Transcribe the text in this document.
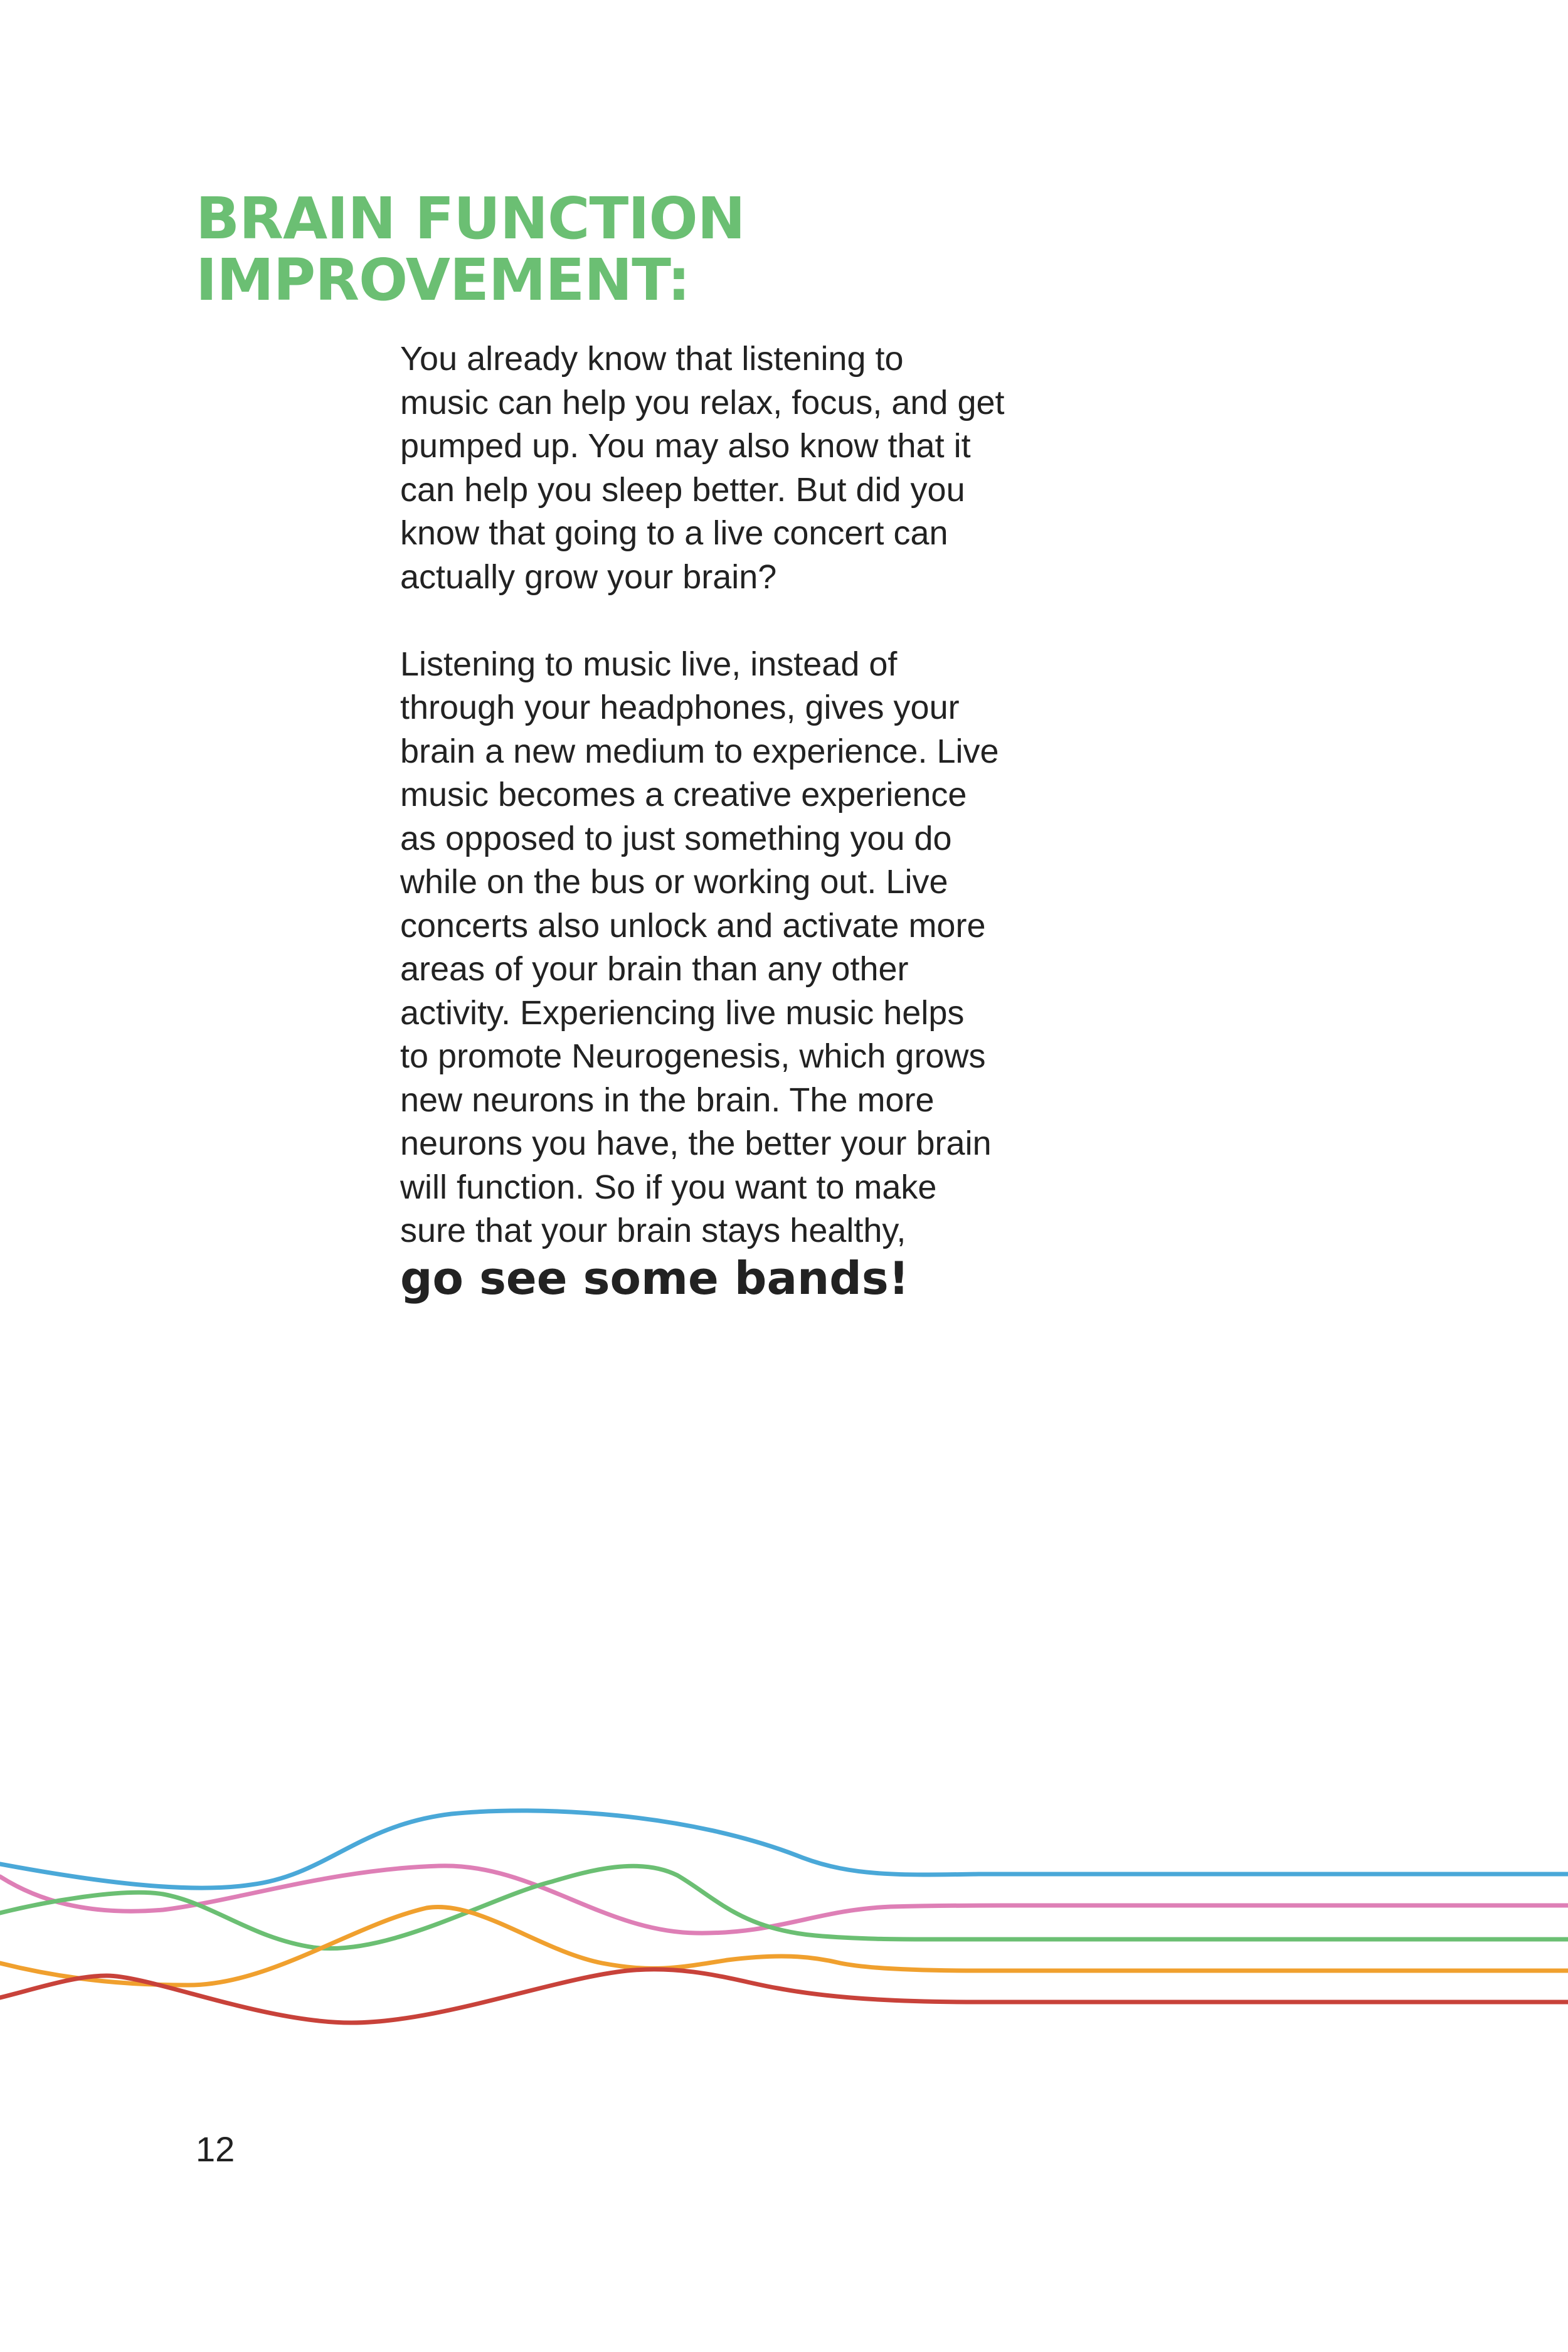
BRAIN FUNCTION
IMPROVEMENT:

You already know that listening to
music can help you relax, focus, and get
pumped up. You may also know that it
can help you sleep better. But did you
know that going to a live concert can
actually grow your brain?

Listening to music live, instead of
through your headphones, gives your
brain a new medium to experience. Live
music becomes a creative experience
as opposed to just something you do
while on the bus or working out. Live
concerts also unlock and activate more
areas of your brain than any other
activity. Experiencing live music helps
to promote Neurogenesis, which grows
new neurons in the brain. The more
neurons you have, the better your brain
will function. So if you want to make
sure that your brain stays healthy,
go see some bands!

12
